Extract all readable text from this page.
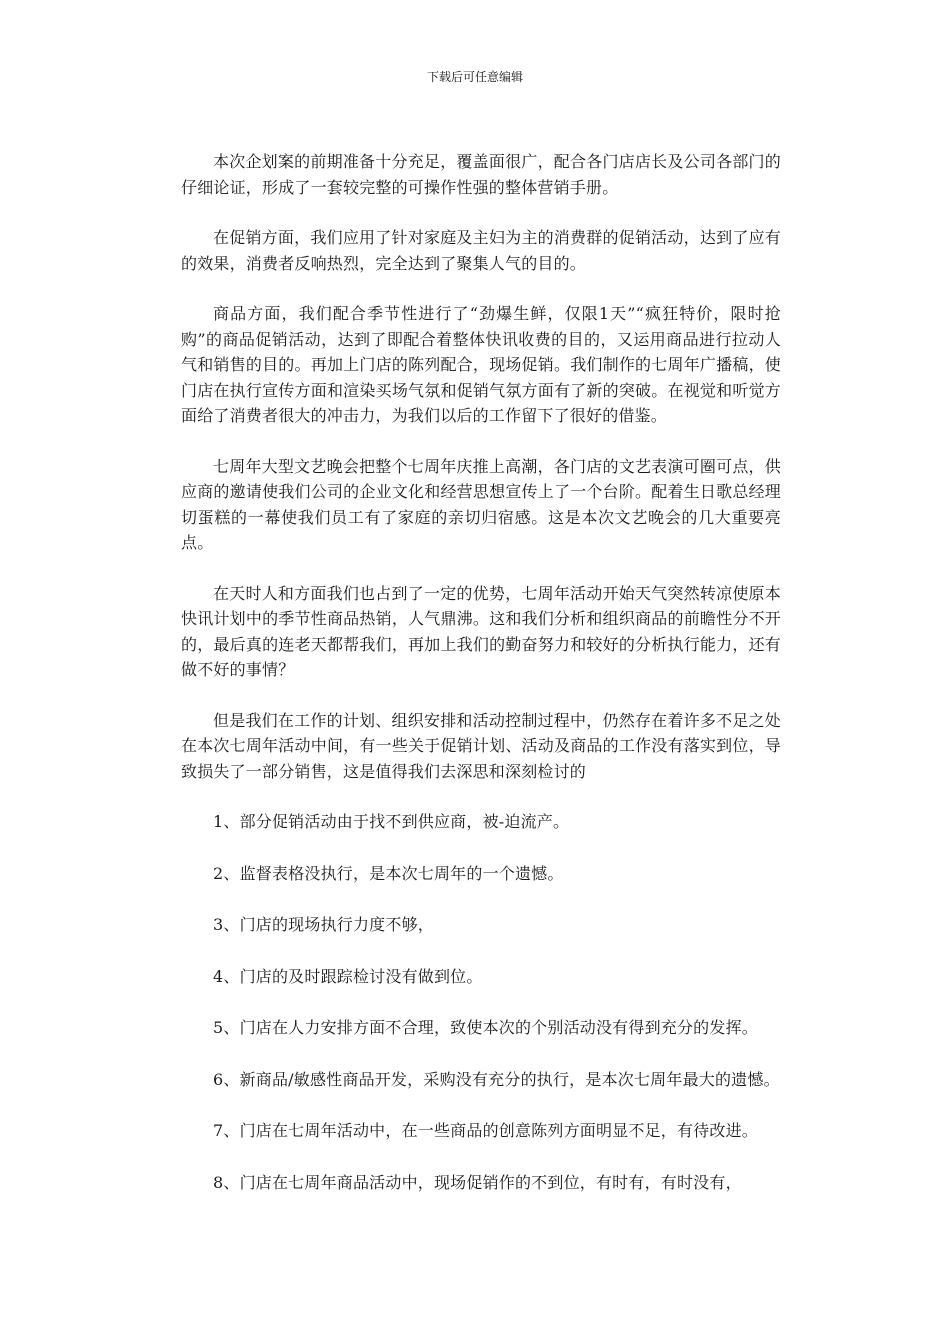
下载后可任意编辑

本次企划案的前期准备十分充足，覆盖面很广，配合各门店店长及公司各部门的仔细论证，形成了一套较完整的可操作性强的整体营销手册。

在促销方面，我们应用了针对家庭及主妇为主的消费群的促销活动，达到了应有的效果，消费者反响热烈，完全达到了聚集人气的目的。

商品方面，我们配合季节性进行了“劲爆生鲜，仅限1天”“疯狂特价，限时抢购”的商品促销活动，达到了即配合着整体快讯收费的目的，又运用商品进行拉动人气和销售的目的。再加上门店的陈列配合，现场促销。我们制作的七周年广播稿，使门店在执行宣传方面和渲染买场气氛和促销气氛方面有了新的突破。在视觉和听觉方面给了消费者很大的冲击力，为我们以后的工作留下了很好的借鉴。

七周年大型文艺晚会把整个七周年庆推上高潮，各门店的文艺表演可圈可点，供应商的邀请使我们公司的企业文化和经营思想宣传上了一个台阶。配着生日歌总经理切蛋糕的一幕使我们员工有了家庭的亲切归宿感。这是本次文艺晚会的几大重要亮点。

在天时人和方面我们也占到了一定的优势，七周年活动开始天气突然转凉使原本快讯计划中的季节性商品热销，人气鼎沸。这和我们分析和组织商品的前瞻性分不开的，最后真的连老天都帮我们，再加上我们的勤奋努力和较好的分析执行能力，还有做不好的事情？

但是我们在工作的计划、组织安排和活动控制过程中，仍然存在着许多不足之处在本次七周年活动中间，有一些关于促销计划、活动及商品的工作没有落实到位，导致损失了一部分销售，这是值得我们去深思和深刻检讨的

1、部分促销活动由于找不到供应商，被-迫流产。

2、监督表格没执行，是本次七周年的一个遗憾。

3、门店的现场执行力度不够，

4、门店的及时跟踪检讨没有做到位。

5、门店在人力安排方面不合理，致使本次的个别活动没有得到充分的发挥。

6、新商品/敏感性商品开发，采购没有充分的执行，是本次七周年最大的遗憾。

7、门店在七周年活动中，在一些商品的创意陈列方面明显不足，有待改进。

8、门店在七周年商品活动中，现场促销作的不到位，有时有，有时没有，
